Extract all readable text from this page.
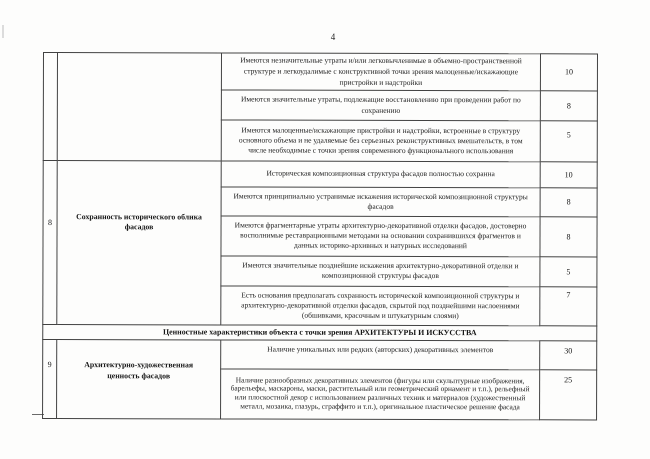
4
		Имеются незначительные утраты и/или легковычленимые в объемно-пространственной структуре и легкоудалимые с конструктивной точки зрения малоценные/искажающие пристройки и надстройки	10
		Имеются значительные утраты, подлежащие восстановлению при проведении работ по сохранению	8
		Имеются малоценные/искажающие пристройки и надстройки, встроенные в структуру основного объема и не удаляемые без серьезных реконструктивных вмешательств, в том числе необходимые с точки зрения современного функционального использования	5
8	Сохранность исторического облика фасадов	Историческая композиционная структура фасадов полностью сохранна	10
		Имеются принципиально устранимые искажения исторической композиционной структуры фасадов	8
		Имеются фрагментарные утраты архитектурно-декоративной отделки фасадов, достоверно восполнимые реставрационными методами на основании сохранившихся фрагментов и данных историко-архивных и натурных исследований	8
		Имеются значительные позднейшие искажения архитектурно-декоративной отделки и композиционной структуры фасадов	5
		Есть основания предполагать сохранность исторической композиционной структуры и архитектурно-декоративной отделки фасадов, скрытой под позднейшими наслоениями (обшивками, красочным и штукатурным слоями)	7
Ценностные характеристики объекта с точки зрения АРХИТЕКТУРЫ И ИСКУССТВА			
9	Архитектурно-художественная ценность фасадов	Наличие уникальных или редких (авторских) декоративных элементов	30
		Наличие разнообразных декоративных элементов (фигуры или скульптурные изображения, барельефы, маскароны, маски, растительный или геометрический орнамент и т.п.), рельефный или плоскостной декор с использованием различных техник и материалов (художественный металл, мозаика, глазурь, сграффито и т.п.), оригинальное пластическое решение фасада	25
